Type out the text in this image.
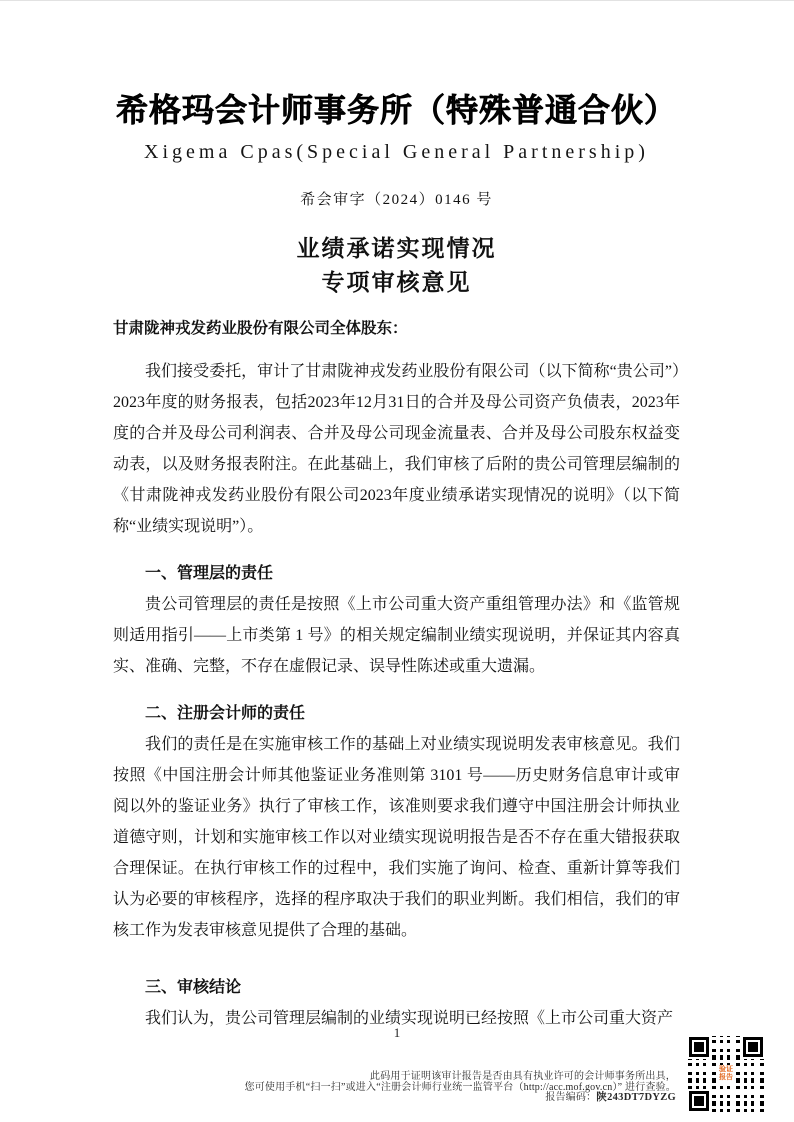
希格玛会计师事务所（特殊普通合伙）
Xigema Cpas(Special General Partnership)
希会审字（2024）0146 号
业绩承诺实现情况
专项审核意见
甘肃陇神戎发药业股份有限公司全体股东：

我们接受委托，审计了甘肃陇神戎发药业股份有限公司（以下简称“贵公司”）2023年度的财务报表，包括2023年12月31日的合并及母公司资产负债表，2023年度的合并及母公司利润表、合并及母公司现金流量表、合并及母公司股东权益变动表，以及财务报表附注。在此基础上，我们审核了后附的贵公司管理层编制的《甘肃陇神戎发药业股份有限公司2023年度业绩承诺实现情况的说明》（以下简称“业绩实现说明”）。

一、管理层的责任

贵公司管理层的责任是按照《上市公司重大资产重组管理办法》和《监管规则适用指引——上市类第 1 号》的相关规定编制业绩实现说明，并保证其内容真实、准确、完整，不存在虚假记录、误导性陈述或重大遗漏。

二、注册会计师的责任

我们的责任是在实施审核工作的基础上对业绩实现说明发表审核意见。我们按照《中国注册会计师其他鉴证业务准则第 3101 号——历史财务信息审计或审阅以外的鉴证业务》执行了审核工作，该准则要求我们遵守中国注册会计师执业道德守则，计划和实施审核工作以对业绩实现说明报告是否不存在重大错报获取合理保证。在执行审核工作的过程中，我们实施了询问、检查、重新计算等我们认为必要的审核程序，选择的程序取决于我们的职业判断。我们相信，我们的审核工作为发表审核意见提供了合理的基础。

三、审核结论

我们认为，贵公司管理层编制的业绩实现说明已经按照《上市公司重大资产

1
此码用于证明该审计报告是否由具有执业许可的会计师事务所出具，
您可使用手机“扫一扫”或进入“注册会计师行业统一监管平台（http://acc.mof.gov.cn）” 进行查验。
报告编码：陕243DT7DYZG
验证报告
